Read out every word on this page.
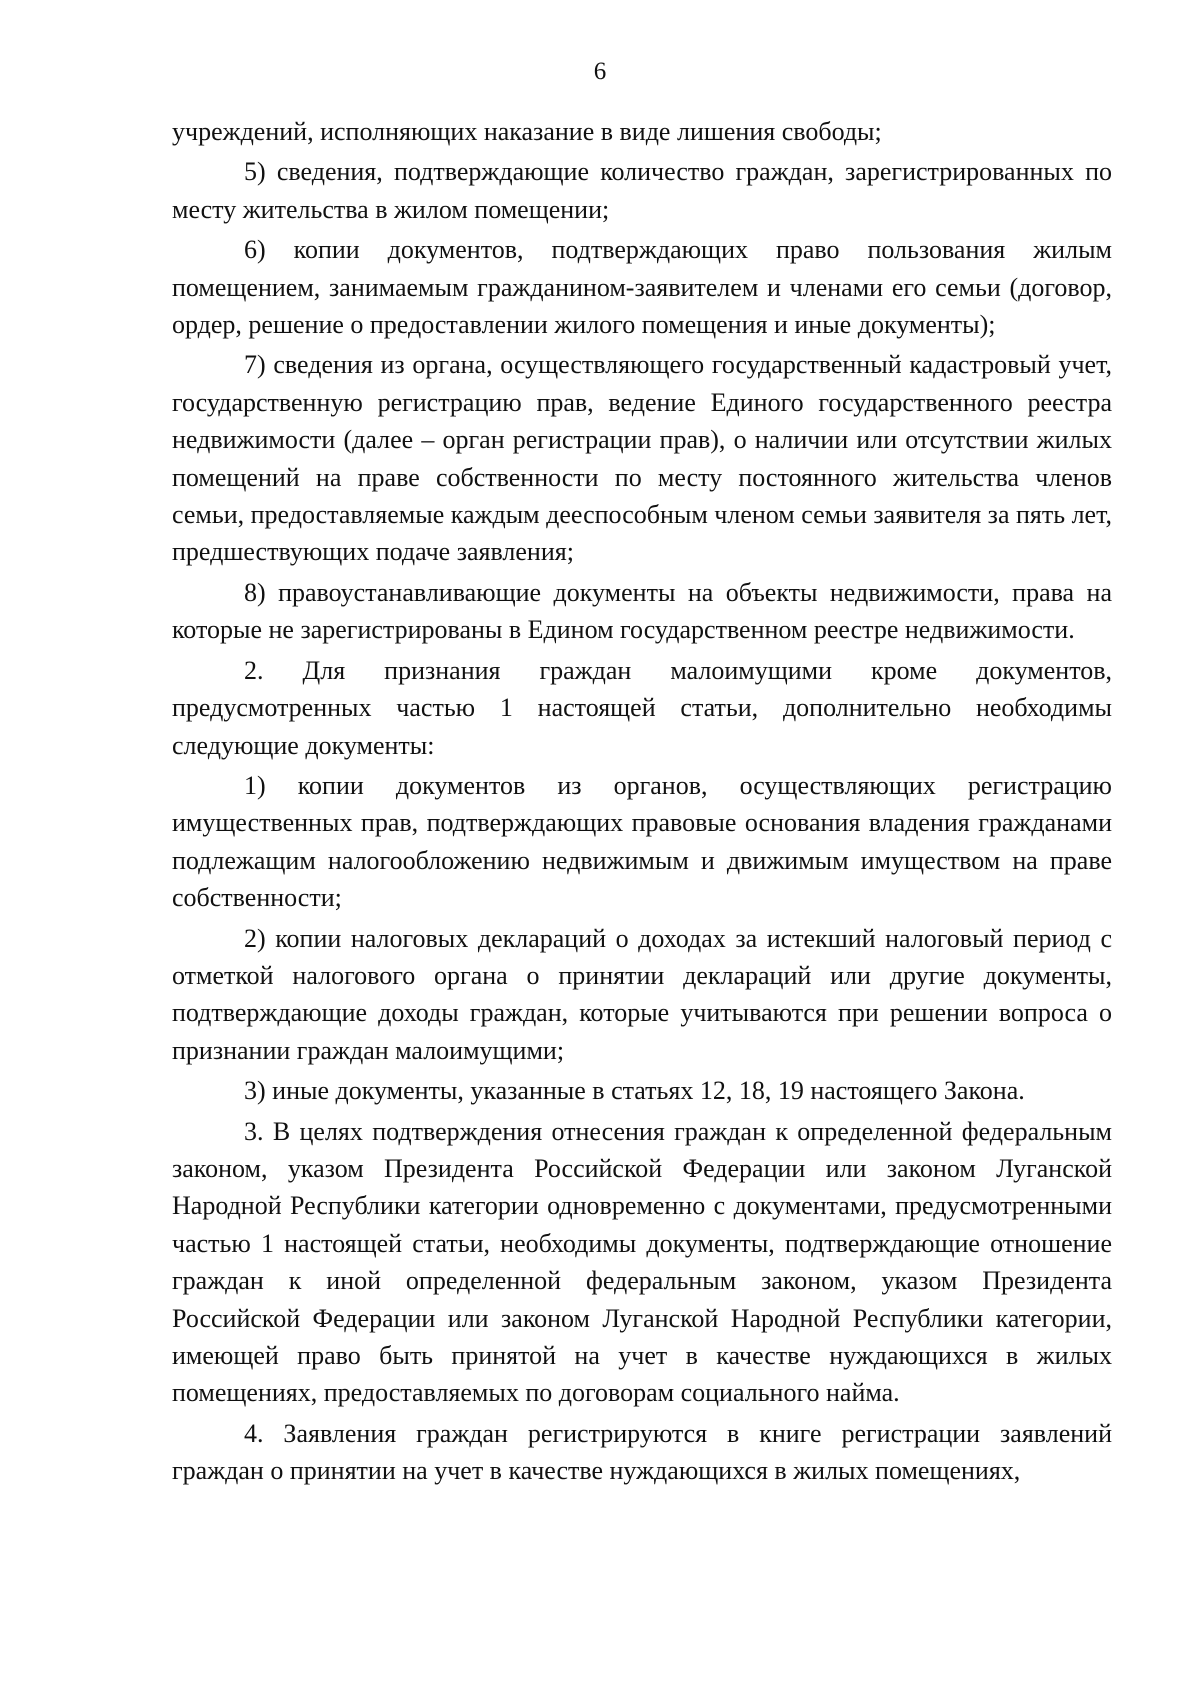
6

учреждений, исполняющих наказание в виде лишения свободы;

5) сведения, подтверждающие количество граждан, зарегистрированных по месту жительства в жилом помещении;

6) копии документов, подтверждающих право пользования жилым помещением, занимаемым гражданином-заявителем и членами его семьи (договор, ордер, решение о предоставлении жилого помещения и иные документы);

7) сведения из органа, осуществляющего государственный кадастровый учет, государственную регистрацию прав, ведение Единого государственного реестра недвижимости (далее – орган регистрации прав), о наличии или отсутствии жилых помещений на праве собственности по месту постоянного жительства членов семьи, предоставляемые каждым дееспособным членом семьи заявителя за пять лет, предшествующих подаче заявления;

8) правоустанавливающие документы на объекты недвижимости, права на которые не зарегистрированы в Едином государственном реестре недвижимости.

2. Для признания граждан малоимущими кроме документов, предусмотренных частью 1 настоящей статьи, дополнительно необходимы следующие документы:

1) копии документов из органов, осуществляющих регистрацию имущественных прав, подтверждающих правовые основания владения гражданами подлежащим налогообложению недвижимым и движимым имуществом на праве собственности;

2) копии налоговых деклараций о доходах за истекший налоговый период с отметкой налогового органа о принятии деклараций или другие документы, подтверждающие доходы граждан, которые учитываются при решении вопроса о признании граждан малоимущими;

3) иные документы, указанные в статьях 12, 18, 19 настоящего Закона.

3. В целях подтверждения отнесения граждан к определенной федеральным законом, указом Президента Российской Федерации или законом Луганской Народной Республики категории одновременно с документами, предусмотренными частью 1 настоящей статьи, необходимы документы, подтверждающие отношение граждан к иной определенной федеральным законом, указом Президента Российской Федерации или законом Луганской Народной Республики категории, имеющей право быть принятой на учет в качестве нуждающихся в жилых помещениях, предоставляемых по договорам социального найма.

4. Заявления граждан регистрируются в книге регистрации заявлений граждан о принятии на учет в качестве нуждающихся в жилых помещениях,
